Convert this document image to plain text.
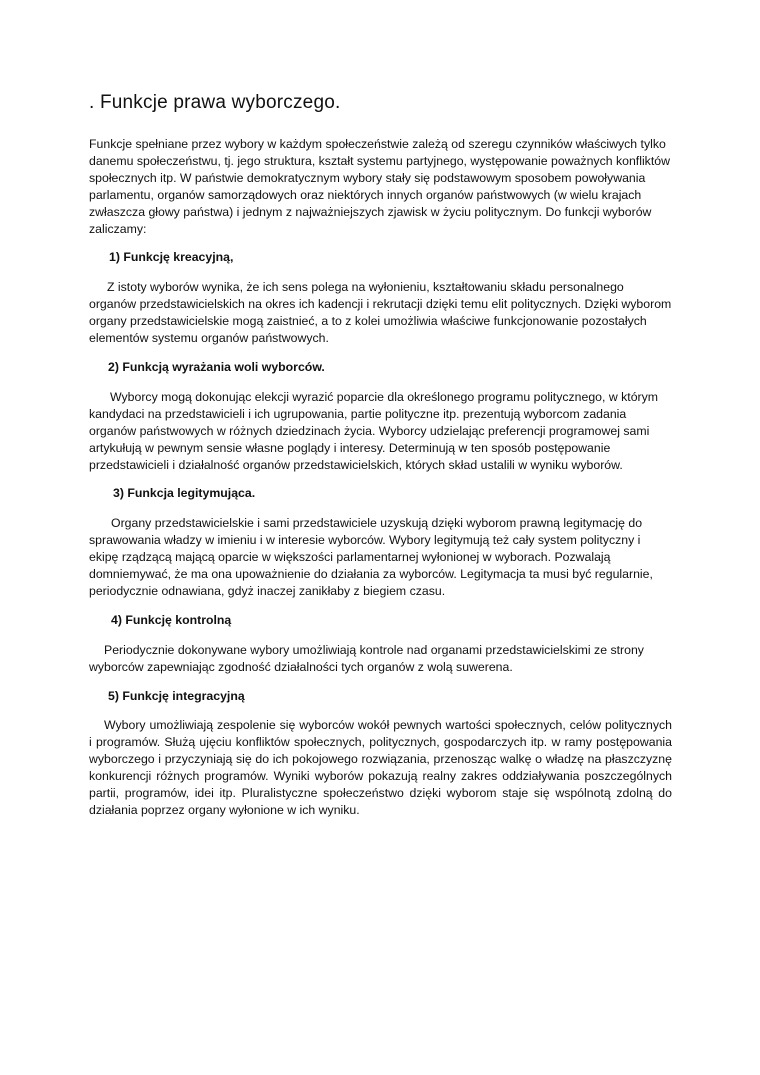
. Funkcje prawa wyborczego.

Funkcje spełniane przez wybory w każdym społeczeństwie zależą od szeregu czynników właściwych tylko danemu społeczeństwu, tj. jego struktura, kształt systemu partyjnego, występowanie poważnych konfliktów społecznych itp. W państwie demokratycznym wybory stały się podstawowym sposobem powoływania parlamentu, organów samorządowych oraz niektórych innych organów państwowych (w wielu krajach zwłaszcza głowy państwa) i jednym z najważniejszych zjawisk w życiu politycznym. Do funkcji wyborów zaliczamy:

1) Funkcję kreacyjną,

Z istoty wyborów wynika, że ich sens polega na wyłonieniu, kształtowaniu składu personalnego organów przedstawicielskich na okres ich kadencji i rekrutacji dzięki temu elit politycznych. Dzięki wyborom organy przedstawicielskie mogą zaistnieć, a to z kolei umożliwia właściwe funkcjonowanie pozostałych elementów systemu organów państwowych.

2) Funkcją wyrażania woli wyborców.

Wyborcy mogą dokonując elekcji wyrazić poparcie dla określonego programu politycznego, w którym kandydaci na przedstawicieli i ich ugrupowania, partie polityczne itp. prezentują wyborcom zadania organów państwowych w różnych dziedzinach życia. Wyborcy udzielając preferencji programowej sami artykułują w pewnym sensie własne poglądy i interesy. Determinują w ten sposób postępowanie przedstawicieli i działalność organów przedstawicielskich, których skład ustalili w wyniku wyborów.

3) Funkcja legitymująca.

Organy przedstawicielskie i sami przedstawiciele uzyskują dzięki wyborom prawną legitymację do sprawowania władzy w imieniu i w interesie wyborców. Wybory legitymują też cały system polityczny i ekipę rządzącą mającą oparcie w większości parlamentarnej wyłonionej w wyborach. Pozwalają domniemywać, że ma ona upoważnienie do działania za wyborców. Legitymacja ta musi być regularnie, periodycznie odnawiana, gdyż inaczej zanikłaby z biegiem czasu.

4) Funkcję kontrolną

Periodycznie dokonywane wybory umożliwiają kontrole nad organami przedstawicielskimi ze strony wyborców zapewniając zgodność działalności tych organów z wolą suwerena.

5) Funkcję integracyjną

Wybory umożliwiają zespolenie się wyborców wokół pewnych wartości społecznych, celów politycznych i programów. Służą ujęciu konfliktów społecznych, politycznych, gospodarczych itp. w ramy postępowania wyborczego i przyczyniają się do ich pokojowego rozwiązania, przenosząc walkę o władzę na płaszczyznę konkurencji różnych programów. Wyniki wyborów pokazują realny zakres oddziaływania poszczególnych partii, programów, idei itp. Pluralistyczne społeczeństwo dzięki wyborom staje się wspólnotą zdolną do działania poprzez organy wyłonione w ich wyniku.
